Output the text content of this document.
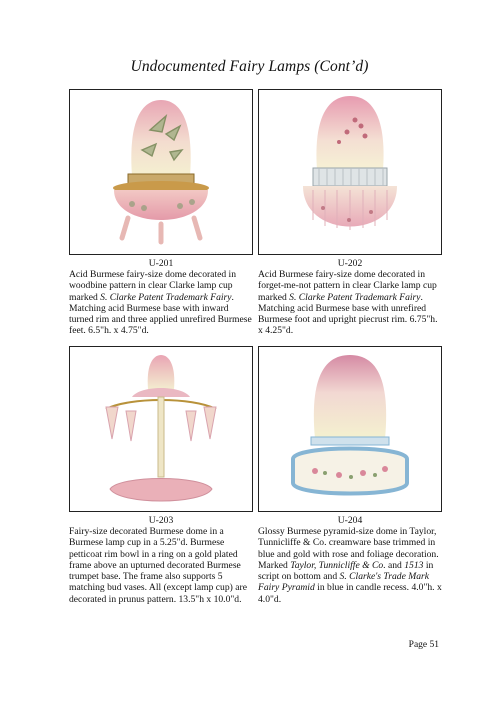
Undocumented Fairy Lamps (Cont’d)
U-201
Acid Burmese fairy-size dome decorated in woodbine pattern in clear Clarke lamp cup marked S. Clarke Patent Trademark Fairy. Matching acid Burmese base with inward turned rim and three applied unrefired Burmese feet. 6.5"h. x 4.75"d.
U-202
Acid Burmese fairy-size dome decorated in forget-me-not pattern in clear Clarke lamp cup marked S. Clarke Patent Trademark Fairy. Matching acid Burmese base with unrefired Burmese foot and upright piecrust rim. 6.75"h. x 4.25"d.
U-203
Fairy-size decorated Burmese dome in a Burmese lamp cup in a 5.25"d. Burmese petticoat rim bowl in a ring on a gold plated frame above an upturned decorated Burmese trumpet base. The frame also supports 5 matching bud vases. All (except lamp cup) are decorated in prunus pattern. 13.5"h x 10.0"d.
U-204
Glossy Burmese pyramid-size dome in Taylor, Tunnicliffe & Co. creamware base trimmed in blue and gold with rose and foliage decoration. Marked Taylor, Tunnicliffe & Co. and 1513 in script on bottom and S. Clarke's Trade Mark Fairy Pyramid in blue in candle recess. 4.0"h. x 4.0"d.
Page 51
